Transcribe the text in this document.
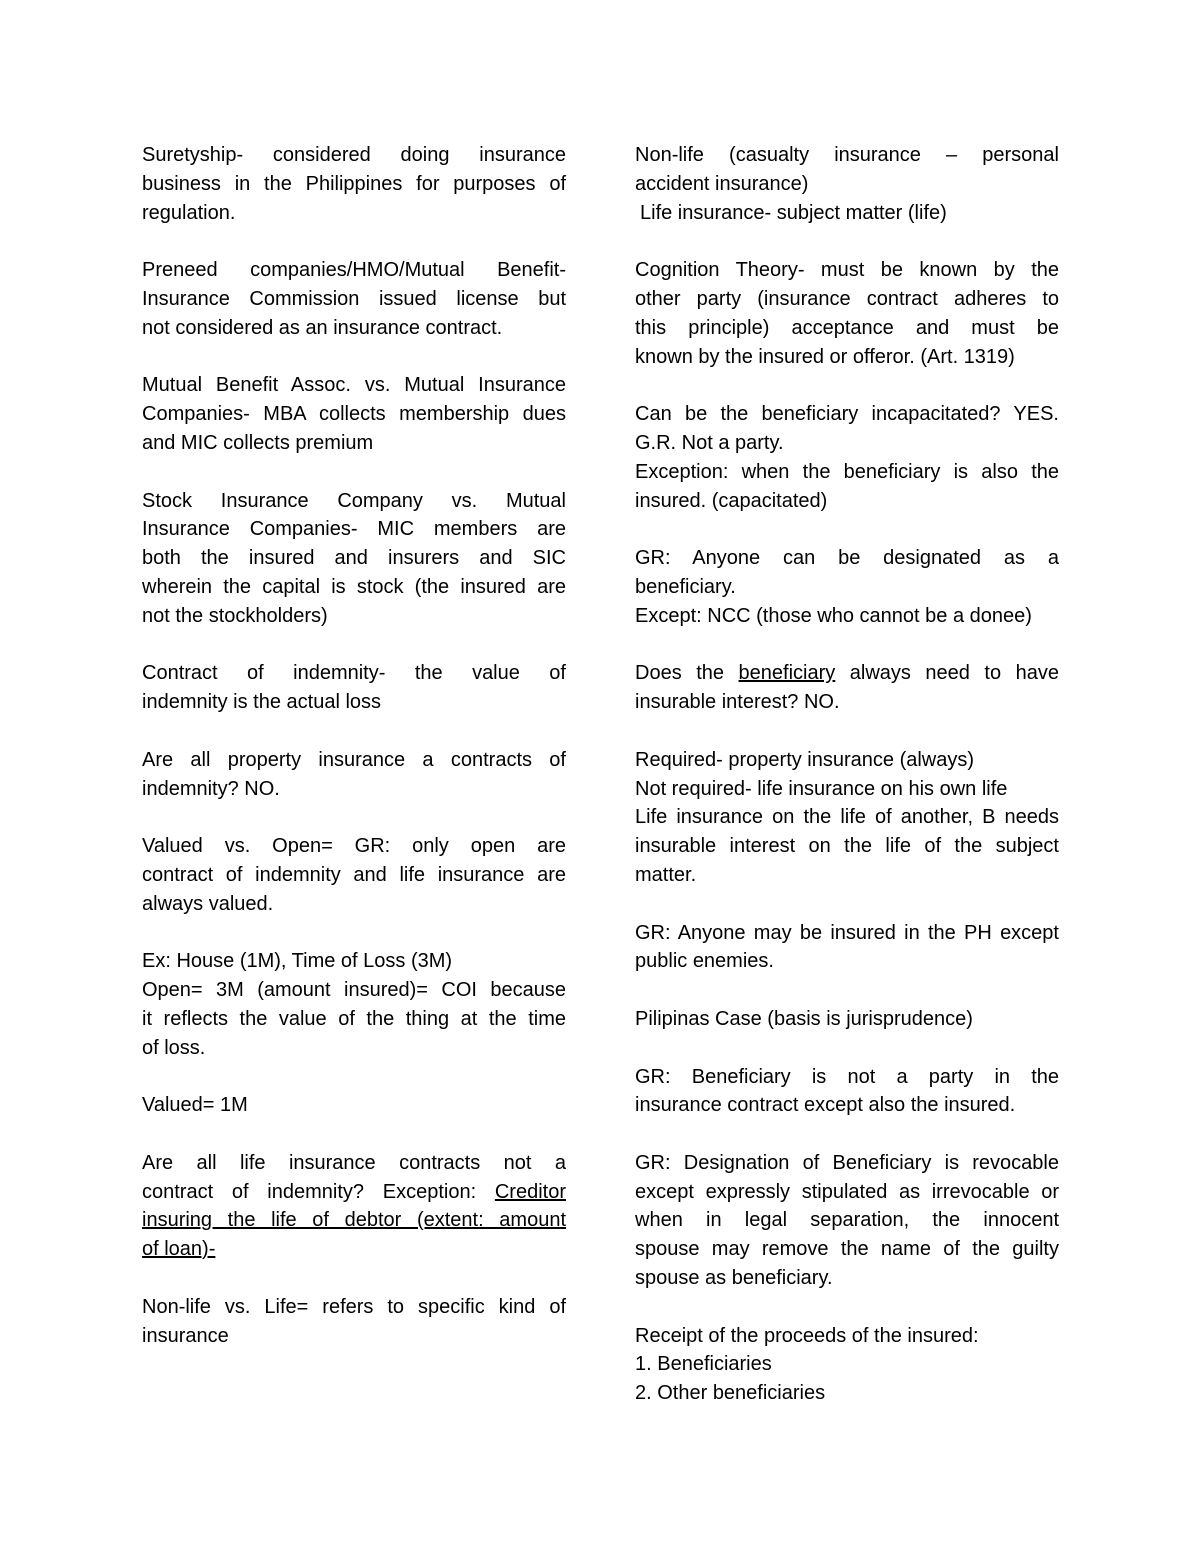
Suretyship- considered doing insurance
business in the Philippines for purposes of
regulation.
Preneed companies/HMO/Mutual Benefit-
Insurance Commission issued license but
not considered as an insurance contract.
Mutual Benefit Assoc. vs. Mutual Insurance
Companies- MBA collects membership dues
and MIC collects premium
Stock Insurance Company vs. Mutual
Insurance Companies- MIC members are
both the insured and insurers and SIC
wherein the capital is stock (the insured are
not the stockholders)
Contract of indemnity- the value of
indemnity is the actual loss
Are all property insurance a contracts of
indemnity? NO.
Valued vs. Open= GR: only open are
contract of indemnity and life insurance are
always valued.
Ex: House (1M), Time of Loss (3M)
Open= 3M (amount insured)= COI because
it reflects the value of the thing at the time
of loss.
Valued= 1M
Are all life insurance contracts not a
contract of indemnity? Exception: Creditor
insuring the life of debtor (extent: amount
of loan)-
Non-life vs. Life= refers to specific kind of
insurance
Non-life (casualty insurance – personal
accident insurance)
Life insurance- subject matter (life)
Cognition Theory- must be known by the
other party (insurance contract adheres to
this principle) acceptance and must be
known by the insured or offeror. (Art. 1319)
Can be the beneficiary incapacitated? YES.
G.R. Not a party.
Exception: when the beneficiary is also the
insured. (capacitated)
GR: Anyone can be designated as a
beneficiary.
Except: NCC (those who cannot be a donee)
Does the beneficiary always need to have
insurable interest? NO.
Required- property insurance (always)
Not required- life insurance on his own life
Life insurance on the life of another, B needs
insurable interest on the life of the subject
matter.
GR: Anyone may be insured in the PH except
public enemies.
Pilipinas Case (basis is jurisprudence)
GR: Beneficiary is not a party in the
insurance contract except also the insured.
GR: Designation of Beneficiary is revocable
except expressly stipulated as irrevocable or
when in legal separation, the innocent
spouse may remove the name of the guilty
spouse as beneficiary.
Receipt of the proceeds of the insured:
1. Beneficiaries
2. Other beneficiaries
